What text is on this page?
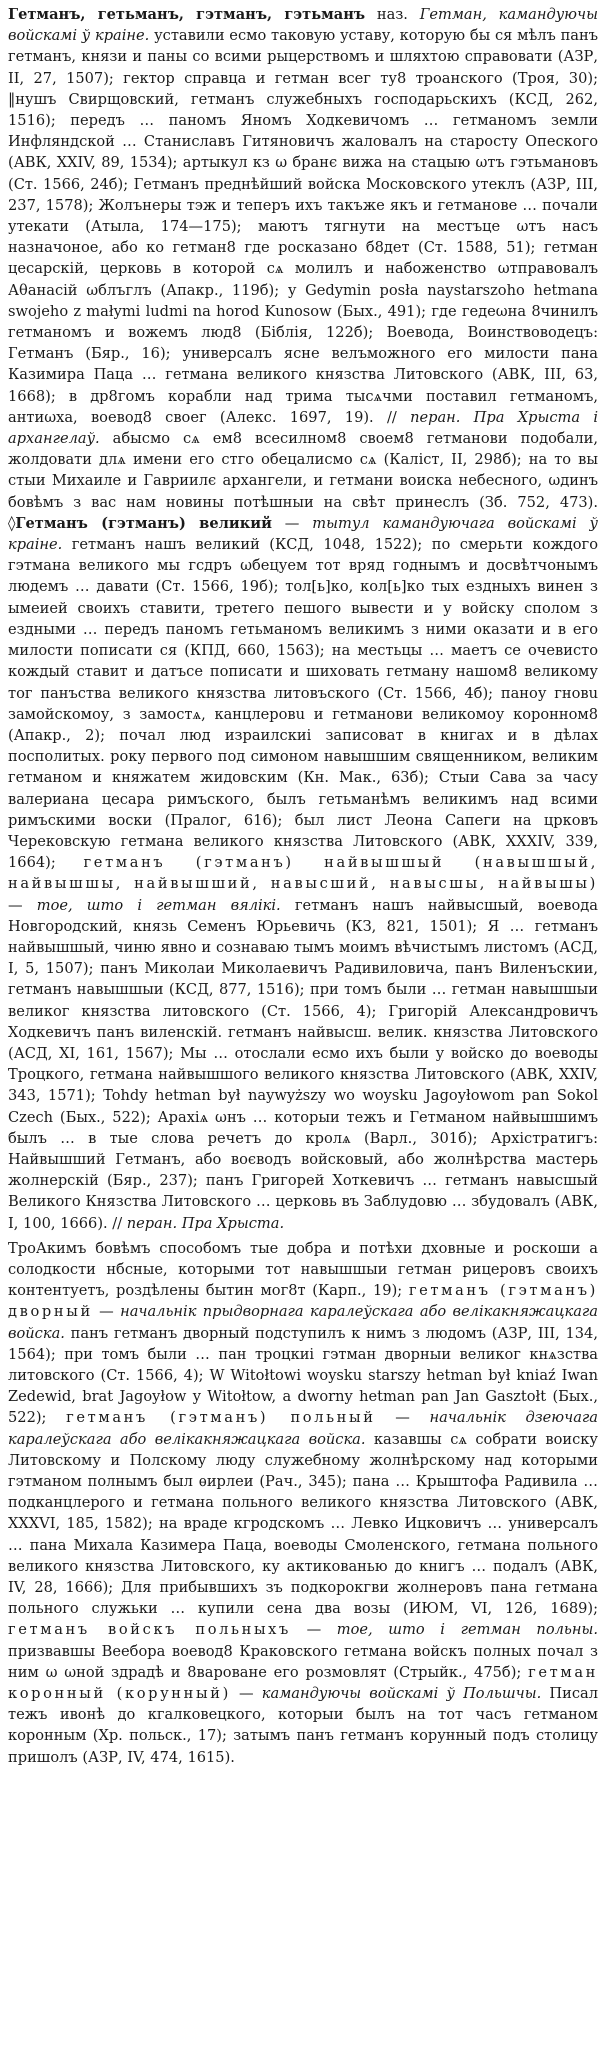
Гетманъ, гетьманъ, гэтманъ, гэтьманъ наз. Гетман, камандуючы войскамі ў краіне. уставили есмо таковую уставу, которую бы ся мѣлъ панъ гетманъ, князи и паны со всими рыцерствомъ и шляхтою справовати (АЗР, II, 27, 1507); гектор справца и гетман всег ту8 троанского (Троя, 30); ‖нушъ Свирщовский, гетманъ служебныхъ господарьскихъ (КСД, 262, 1516); передъ … паномъ Яномъ Ходкевичомъ … гетманомъ земли Инфляндской … Станиславъ Гитяновичъ жаловалъ на старосту Опеского (АВК, XXIV, 89, 1534); артыкул кз ω бранє вижа на стацыю ωтъ гэтьмановъ (Ст. 1566, 24б); Гетманъ преднѣйший войска Московского утеклъ (АЗР, III, 237, 1578); Жолънеры тэж и теперъ ихъ такъже якъ и гетманове … почали утекати (Атыла, 174—175); маютъ тягнути на местъце ωтъ насъ назначоное, або ко гетман8 где росказано б8дет (Ст. 1588, 51); гетман цесарскій, церковь в которой сѧ молилъ и набоженство ωтправовалъ Аθанасій ωблъглъ (Апакр., 119б); у Gedymin posła naystarszoho hetmana swojeho z małymi ludmi na horod Kunosow (Бых., 491); где гедеωна 8чинилъ гетманомъ и вожемъ люд8 (Біблія, 122б); Воевода, Воинствоводецъ: Гетманъ (Бяр., 16); универсалъ ясне велъможного его милости пана Казимира Паца … гетмана великого князства Литовского (АВК, III, 63, 1668); в др8гомъ корабли над трима тысѧчми поставил гетманомъ, антиωха, воевод8 своег (Алекс. 1697, 19). // перан. Пра Хрыста і архангелаў. абысмо сѧ ем8 всесилном8 своем8 гетманови подобали, жолдовати длѧ имени его стго обецалисмо сѧ (Каліст, II, 298б); на то вы стыи Михаиле и Гавриилє архангели, и гетмани воиска небесного, ωдинъ бовѣмъ з вас нам новины потѣшныи на свѣт принеслъ (Зб. 752, 473). ◊Гетманъ (гэтманъ) великий — тытул камандуючага войскамі ў краіне. гетманъ нашъ великий (КСД, 1048, 1522); по смерьти кождого гэтмана великого мы гсдръ ωбецуем тот вряд годнымъ и досвѣтчонымъ людемъ … давати (Ст. 1566, 19б); тол[ь]ко, кол[ь]ко тых ездныхъ винен з ымеией своихъ ставити, третего пешого вывести и у войску сполом з ездными … передъ паномъ гетьманомъ великимъ з ними оказати и в его милости пописати ся (КПД, 660, 1563); на местьцы … маетъ се очевисто кождый ставит и датъсе пописати и шиховать гетману нашом8 великому тог панъства великого князства литовъского (Ст. 1566, 4б); паноу гновu замойскомоу, з замостѧ, канцлеровu и гетманови великомоу коронном8 (Апакр., 2); почал люд израилскиі записоват в книгах и в дѣлах посполитых. року первого под симоном навышшим священником, великим гетманом и княжатем жидовским (Кн. Мак., 63б); Стыи Сава за часу валериана цесара римъского, былъ гетьманѣмъ великимъ над всими римъскими воски (Пралог, 616); был лист Леона Сапеги на црковъ Черековскую гетмана великого князства Литовского (АВК, XXXIV, 339, 1664); гетманъ (гэтманъ) найвышшый (навышшый, найвышшы, найвышший, навысший, навысшы, найвышы) — тое, што і гетман вялікі. гетманъ нашъ найвысшый, воевода Новгородский, князь Семенъ Юрьевичь (КЗ, 821, 1501); Я … гетманъ найвышшый, чиню явно и сознаваю тымъ моимъ вѣчистымъ листомъ (АСД, I, 5, 1507); панъ Миколаи Миколаевичъ Радивиловича, панъ Виленъскии, гетманъ навышшыи (КСД, 877, 1516); при томъ были … гетман навышшыи великог князства литовского (Ст. 1566, 4); Григорій Александровичъ Ходкевичъ панъ виленскій. гетманъ найвысш. велик. князства Литовского (АСД, XI, 161, 1567); Мы … отослали есмо ихъ были у войско до воеводы Троцкого, гетмана найвышшого великого князства Литовского (АВК, XXIV, 343, 1571); Tohdy hetman był naywyższy wo woysku Jagoyłowom pan Sokol Czech (Бых., 522); Араxiѧ ωнъ … которыи тежъ и Гетманом найвышшимъ былъ … в тые слова речетъ до кролѧ (Варл., 301б); Архістратигъ: Найвышший Гетманъ, або воєводъ войсковый, або жолнѣрства мастерь жолнерскій (Бяр., 237); панъ Григорей Хоткевичъ … гетманъ навысшый Великого Князства Литовского … церковь въ Заблудовю … збудовалъ (АВК, I, 100, 1666). // перан. Пра Хрыста.

ТроАкимъ бовѣмъ способомъ тые добра и потѣхи дховные и роскоши а солодкости нбсные, которыми тот навышшыи гетман рицеровъ своихъ контентуетъ, роздѣлены бытин мог8т (Карп., 19); гетманъ (гэтманъ) дворный — начальнік прыдворнага каралеўскага або велікакняжацкага войска. панъ гетманъ дворный подступилъ к нимъ з людомъ (АЗР, III, 134, 1564); при томъ были … пан троцкиі гэтман дворныи великог кнѧзства литовского (Ст. 1566, 4); W Witołtowi woysku starszy hetman był kniaź Iwan Zedewid, brat Jagoyłow y Witołtow, a dworny hetman pan Jan Gasztołt (Бых., 522); гетманъ (гэтманъ) польный — начальнік дзеючага каралеўскага або велікакняжацкага войска. казавшы сѧ собрати воиску Литовскому и Полскому люду служебному жолнѣрскому над которыми гэтманом полнымъ был ѳирлеи (Рач., 345); пана … Крыштофа Радивила … подканцлерого и гетмана польного великого князства Литовского (АВК, XXXVI, 185, 1582); на враде кгродскомъ … Левко Ицковичъ … универсалъ … пана Михала Казимера Паца, воеводы Смоленского, гетмана польного великого князства Литовского, ку актикованью до книгъ … подалъ (АВК, IV, 28, 1666); Для прибывшихъ зъ подкорокгви жолнеровъ пана гетмана польного служьки … купили сена два возы (ИЮМ, VI, 126, 1689); гетманъ войскъ польныхъ — тое, што і гетман польны. призвавшы Веебора воевод8 Краковского гетмана войскъ полных почал з ним ω ωной здрадѣ и 8вароване его розмовлят (Стрыйк., 475б); гетман коронный (корунный) — камандуючы войскамі ў Польшчы. Писал тежъ ивонѣ до кгалковецкого, которыи былъ на тот часъ гетманом коронным (Хр. польск., 17); затымъ панъ гетманъ корунный подъ столицу пришолъ (АЗР, IV, 474, 1615).
